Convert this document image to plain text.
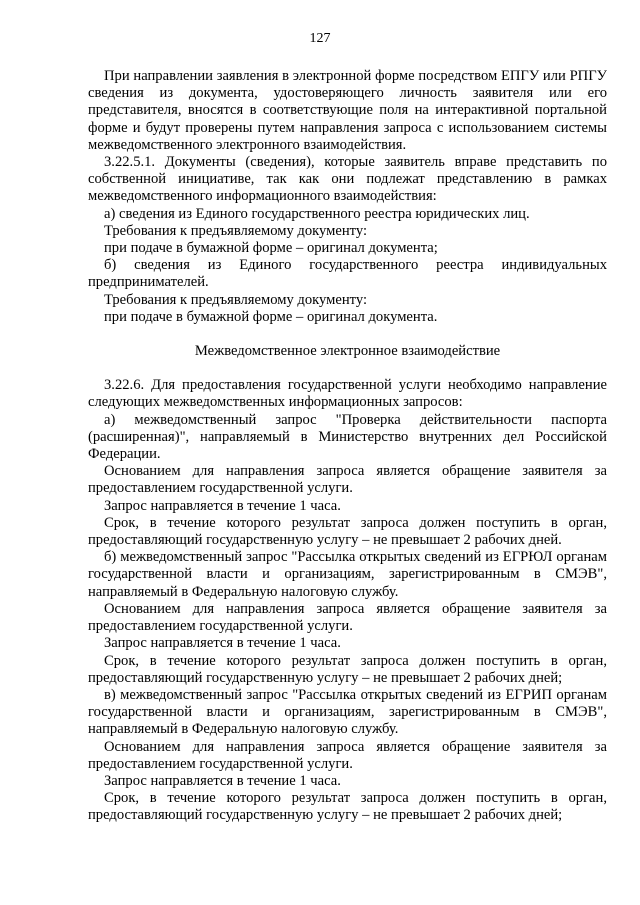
127

При направлении заявления в электронной форме посредством ЕПГУ или РПГУ сведения из документа, удостоверяющего личность заявителя или его представителя, вносятся в соответствующие поля на интерактивной портальной форме и будут проверены путем направления запроса с использованием системы межведомственного электронного взаимодействия.

3.22.5.1. Документы (сведения), которые заявитель вправе представить по собственной инициативе, так как они подлежат представлению в рамках межведомственного информационного взаимодействия:

а) сведения из Единого государственного реестра юридических лиц.

Требования к предъявляемому документу:

при подаче в бумажной форме – оригинал документа;

б) сведения из Единого государственного реестра индивидуальных предпринимателей.

Требования к предъявляемому документу:

при подаче в бумажной форме – оригинал документа.

Межведомственное электронное взаимодействие

3.22.6. Для предоставления государственной услуги необходимо направление следующих межведомственных информационных запросов:

а) межведомственный запрос "Проверка действительности паспорта (расширенная)", направляемый в Министерство внутренних дел Российской Федерации.

Основанием для направления запроса является обращение заявителя за предоставлением государственной услуги.

Запрос направляется в течение 1 часа.

Срок, в течение которого результат запроса должен поступить в орган, предоставляющий государственную услугу – не превышает 2 рабочих дней.

б) межведомственный запрос "Рассылка открытых сведений из ЕГРЮЛ органам государственной власти и организациям, зарегистрированным в СМЭВ", направляемый в Федеральную налоговую службу.

Основанием для направления запроса является обращение заявителя за предоставлением государственной услуги.

Запрос направляется в течение 1 часа.

Срок, в течение которого результат запроса должен поступить в орган, предоставляющий государственную услугу – не превышает 2 рабочих дней;

в) межведомственный запрос "Рассылка открытых сведений из ЕГРИП органам государственной власти и организациям, зарегистрированным в СМЭВ", направляемый в Федеральную налоговую службу.

Основанием для направления запроса является обращение заявителя за предоставлением государственной услуги.

Запрос направляется в течение 1 часа.

Срок, в течение которого результат запроса должен поступить в орган, предоставляющий государственную услугу – не превышает 2 рабочих дней;
